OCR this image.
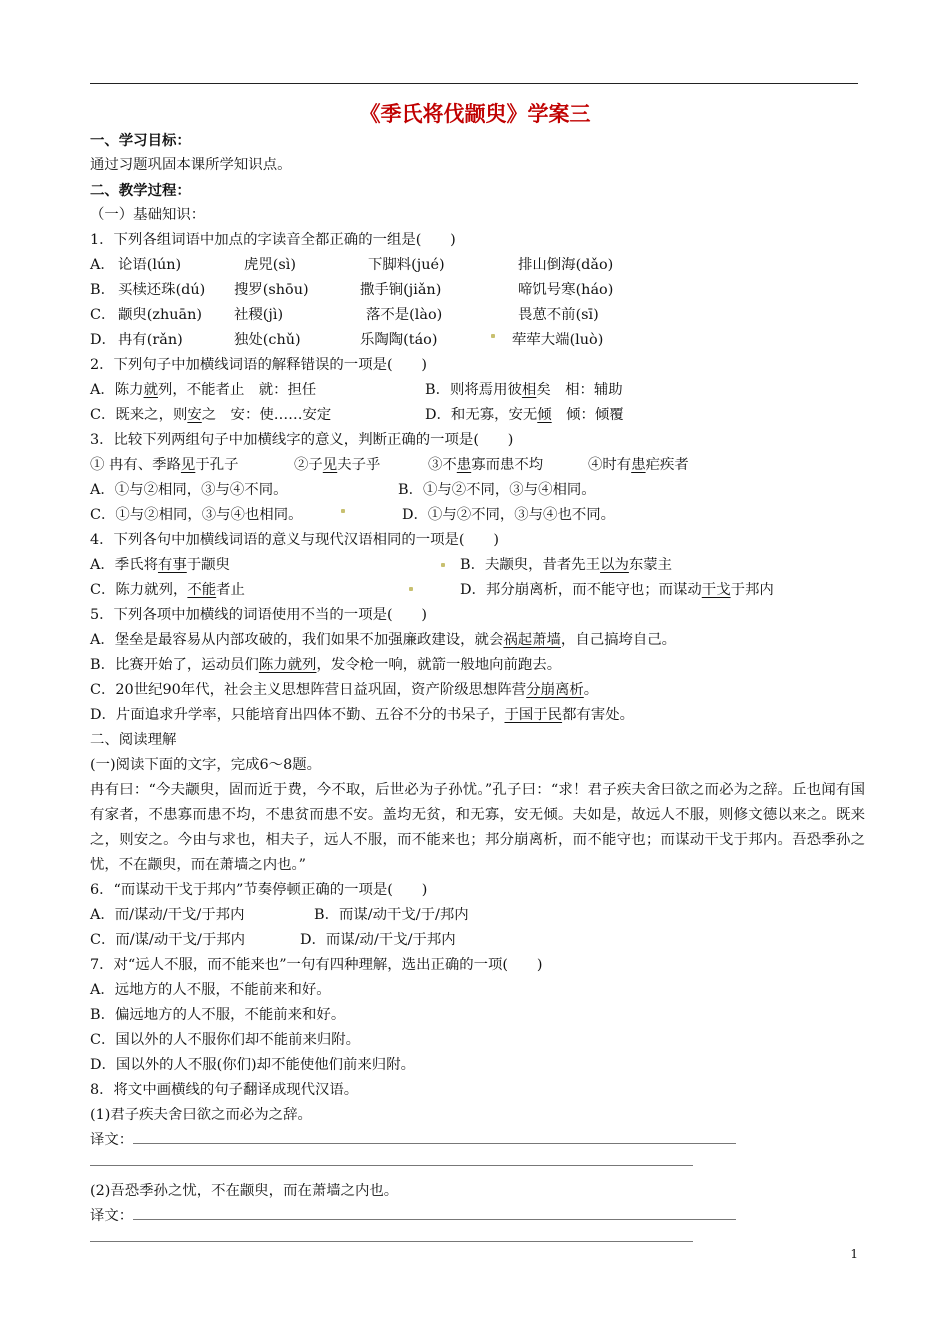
《季氏将伐颛臾》学案三
一、学习目标：
通过习题巩固本课所学知识点。
二、教学过程：
（一）基础知识：
1．下列各组词语中加点的字读音全都正确的一组是(　　)
A． 论语(lún)	虎兕(sì)	下脚料(jué)	排山倒海(dǎo)
B． 买椟还珠(dú) 搜罗(shōu)	撒手锏(jiǎn)	啼饥号寒(háo)
C． 颛臾(zhuān) 社稷(jì)	落不是(lào)	畏葸不前(sī)
D． 冉有(rǎn)	独处(chǔ)	乐陶陶(táo)	荦荦大端(luò)
2．下列句子中加横线词语的解释错误的一项是(　　)
A．陈力就列，不能者止　就：担任	B．则将焉用彼相矣　相：辅助
C．既来之，则安之　安：使……安定	D．和无寡，安无倾　倾：倾覆
3．比较下列两组句子中加横线字的意义，判断正确的一项是(　　)
① 冉有、季路见于孔子	②子见夫子乎	③不患寡而患不均	④时有患疟疾者
A．①与②相同，③与④不同。	B．①与②不同，③与④相同。
C．①与②相同，③与④也相同。	D．①与②不同，③与④也不同。
4．下列各句中加横线词语的意义与现代汉语相同的一项是(　　)
A．季氏将有事于颛臾	B．夫颛臾，昔者先王以为东蒙主
C．陈力就列，不能者止	D．邦分崩离析，而不能守也；而谋动干戈于邦内
5．下列各项中加横线的词语使用不当的一项是(　　)
A．堡垒是最容易从内部攻破的，我们如果不加强廉政建设，就会祸起萧墙，自己搞垮自己。
B．比赛开始了，运动员们陈力就列，发令枪一响，就箭一般地向前跑去。
C．20世纪90年代，社会主义思想阵营日益巩固，资产阶级思想阵营分崩离析。
D．片面追求升学率，只能培育出四体不勤、五谷不分的书呆子，于国于民都有害处。
二、阅读理解
(一)阅读下面的文字，完成6～8题。
冉有曰：“今夫颛臾，固而近于费，今不取，后世必为子孙忧。”孔子曰：“求！君子疾夫舍曰欲之而必为之辞。丘也闻有国有家者，不患寡而患不均，不患贫而患不安。盖均无贫，和无寡，安无倾。夫如是，故远人不服，则修文德以来之。既来之，则安之。今由与求也，相夫子，远人不服，而不能来也；邦分崩离析，而不能守也；而谋动干戈于邦内。吾恐季孙之忧，不在颛臾，而在萧墙之内也。”
6．“而谋动干戈于邦内”节奏停顿正确的一项是(　　)
A．而/谋动/干戈/于邦内	B．而谋/动干戈/于/邦内
C．而/谋/动干戈/于邦内	D．而谋/动/干戈/于邦内
7．对“远人不服，而不能来也”一句有四种理解，选出正确的一项(　　)
A．远地方的人不服，不能前来和好。
B．偏远地方的人不服，不能前来和好。
C．国以外的人不服你们却不能前来归附。
D．国以外的人不服(你们)却不能使他们前来归附。
8．将文中画横线的句子翻译成现代汉语。
(1)君子疾夫舍曰欲之而必为之辞。
译文：
(2)吾恐季孙之忧，不在颛臾，而在萧墙之内也。
译文：
1
